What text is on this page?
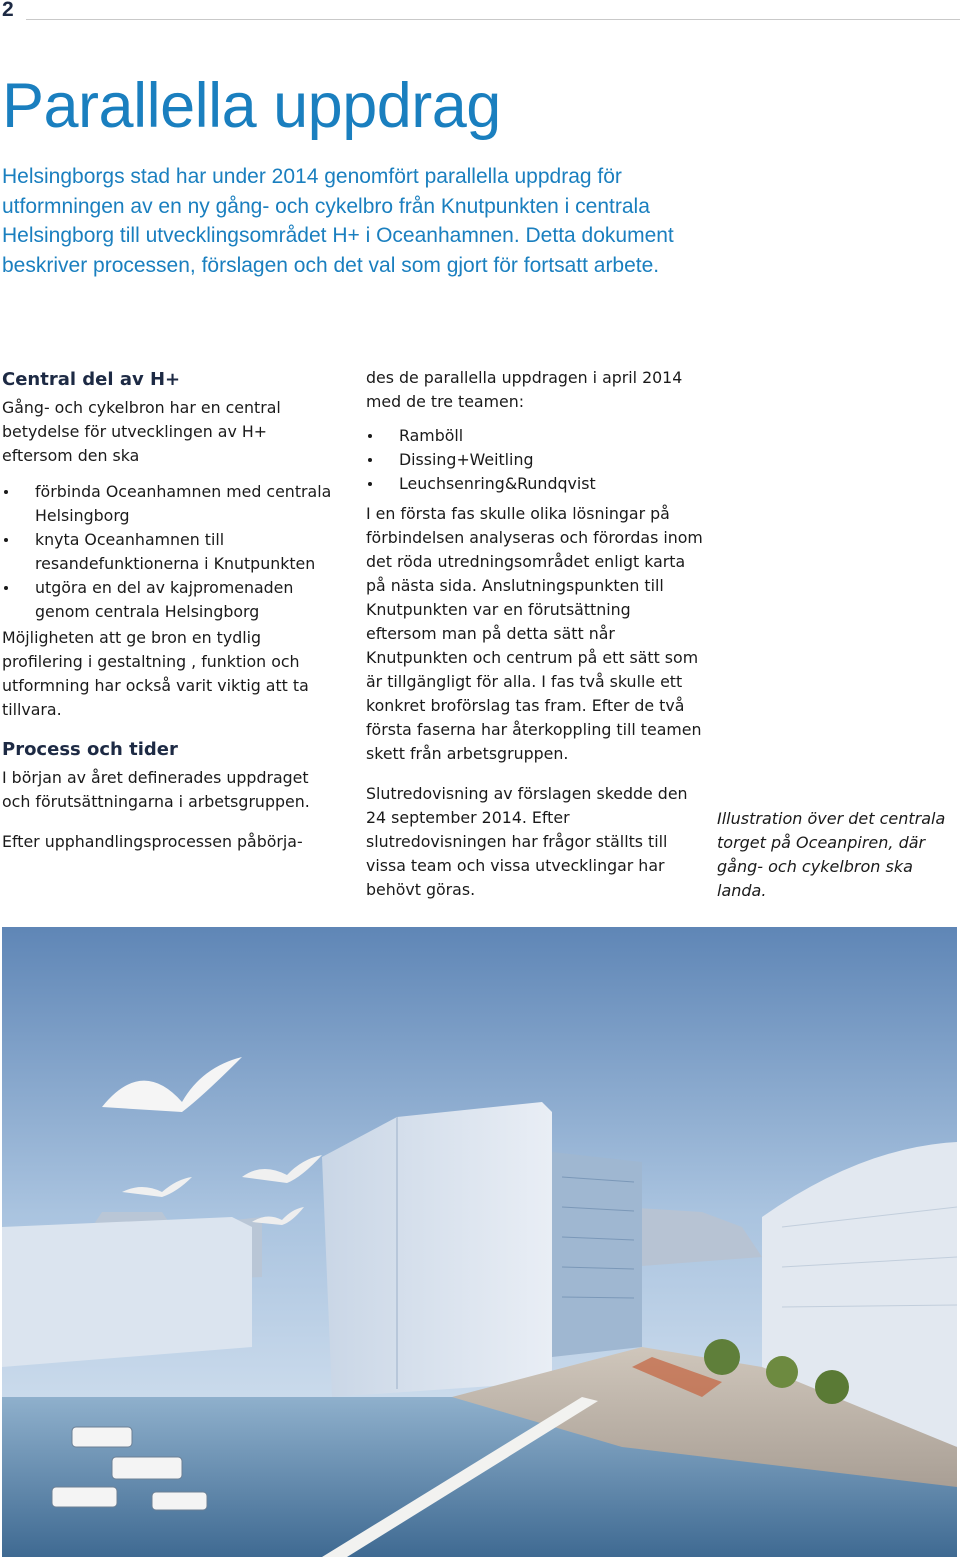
2
Parallella uppdrag

Helsingborgs stad har under 2014 genomfört parallella uppdrag för utformningen av en ny gång- och cykelbro från Knutpunkten i centrala Helsingborg till utvecklingsområdet H+ i Oceanhamnen. Detta dokument beskriver processen, förslagen och det val som gjort för fortsatt arbete.

Central del av H+

Gång- och cykelbron har en central betydelse för utvecklingen av H+ eftersom den ska

förbinda Oceanhamnen med centrala Helsingborg
knyta Oceanhamnen till resandefunktionerna i Knutpunkten
utgöra en del av kajpromenaden genom centrala Helsingborg

Möjligheten att ge bron en tydlig profilering i gestaltning , funktion och utformning har också varit viktig att ta tillvara.

Process och tider

I början av året definerades uppdraget och förutsättningarna i arbetsgruppen.

Efter upphandlingsprocessen påbörja-

des de parallella uppdragen i april 2014 med de tre teamen:

Ramböll
Dissing+Weitling
Leuchsenring&Rundqvist

I en första fas skulle olika lösningar på förbindelsen analyseras och förordas inom det röda utredningsområdet enligt karta på nästa sida. Anslutningspunkten till Knutpunkten var en förutsättning eftersom man på detta sätt når Knutpunkten och centrum på ett sätt som är tillgängligt för alla. I fas två skulle ett konkret broförslag tas fram. Efter de två första faserna har återkoppling till teamen skett från arbetsgruppen.

Slutredovisning av förslagen skedde den 24 september 2014. Efter slutredovisningen har frågor ställts till vissa team och vissa utvecklingar har behövt göras.

Illustration över det centrala torget på Oceanpiren, där gång- och cykelbron ska landa.
